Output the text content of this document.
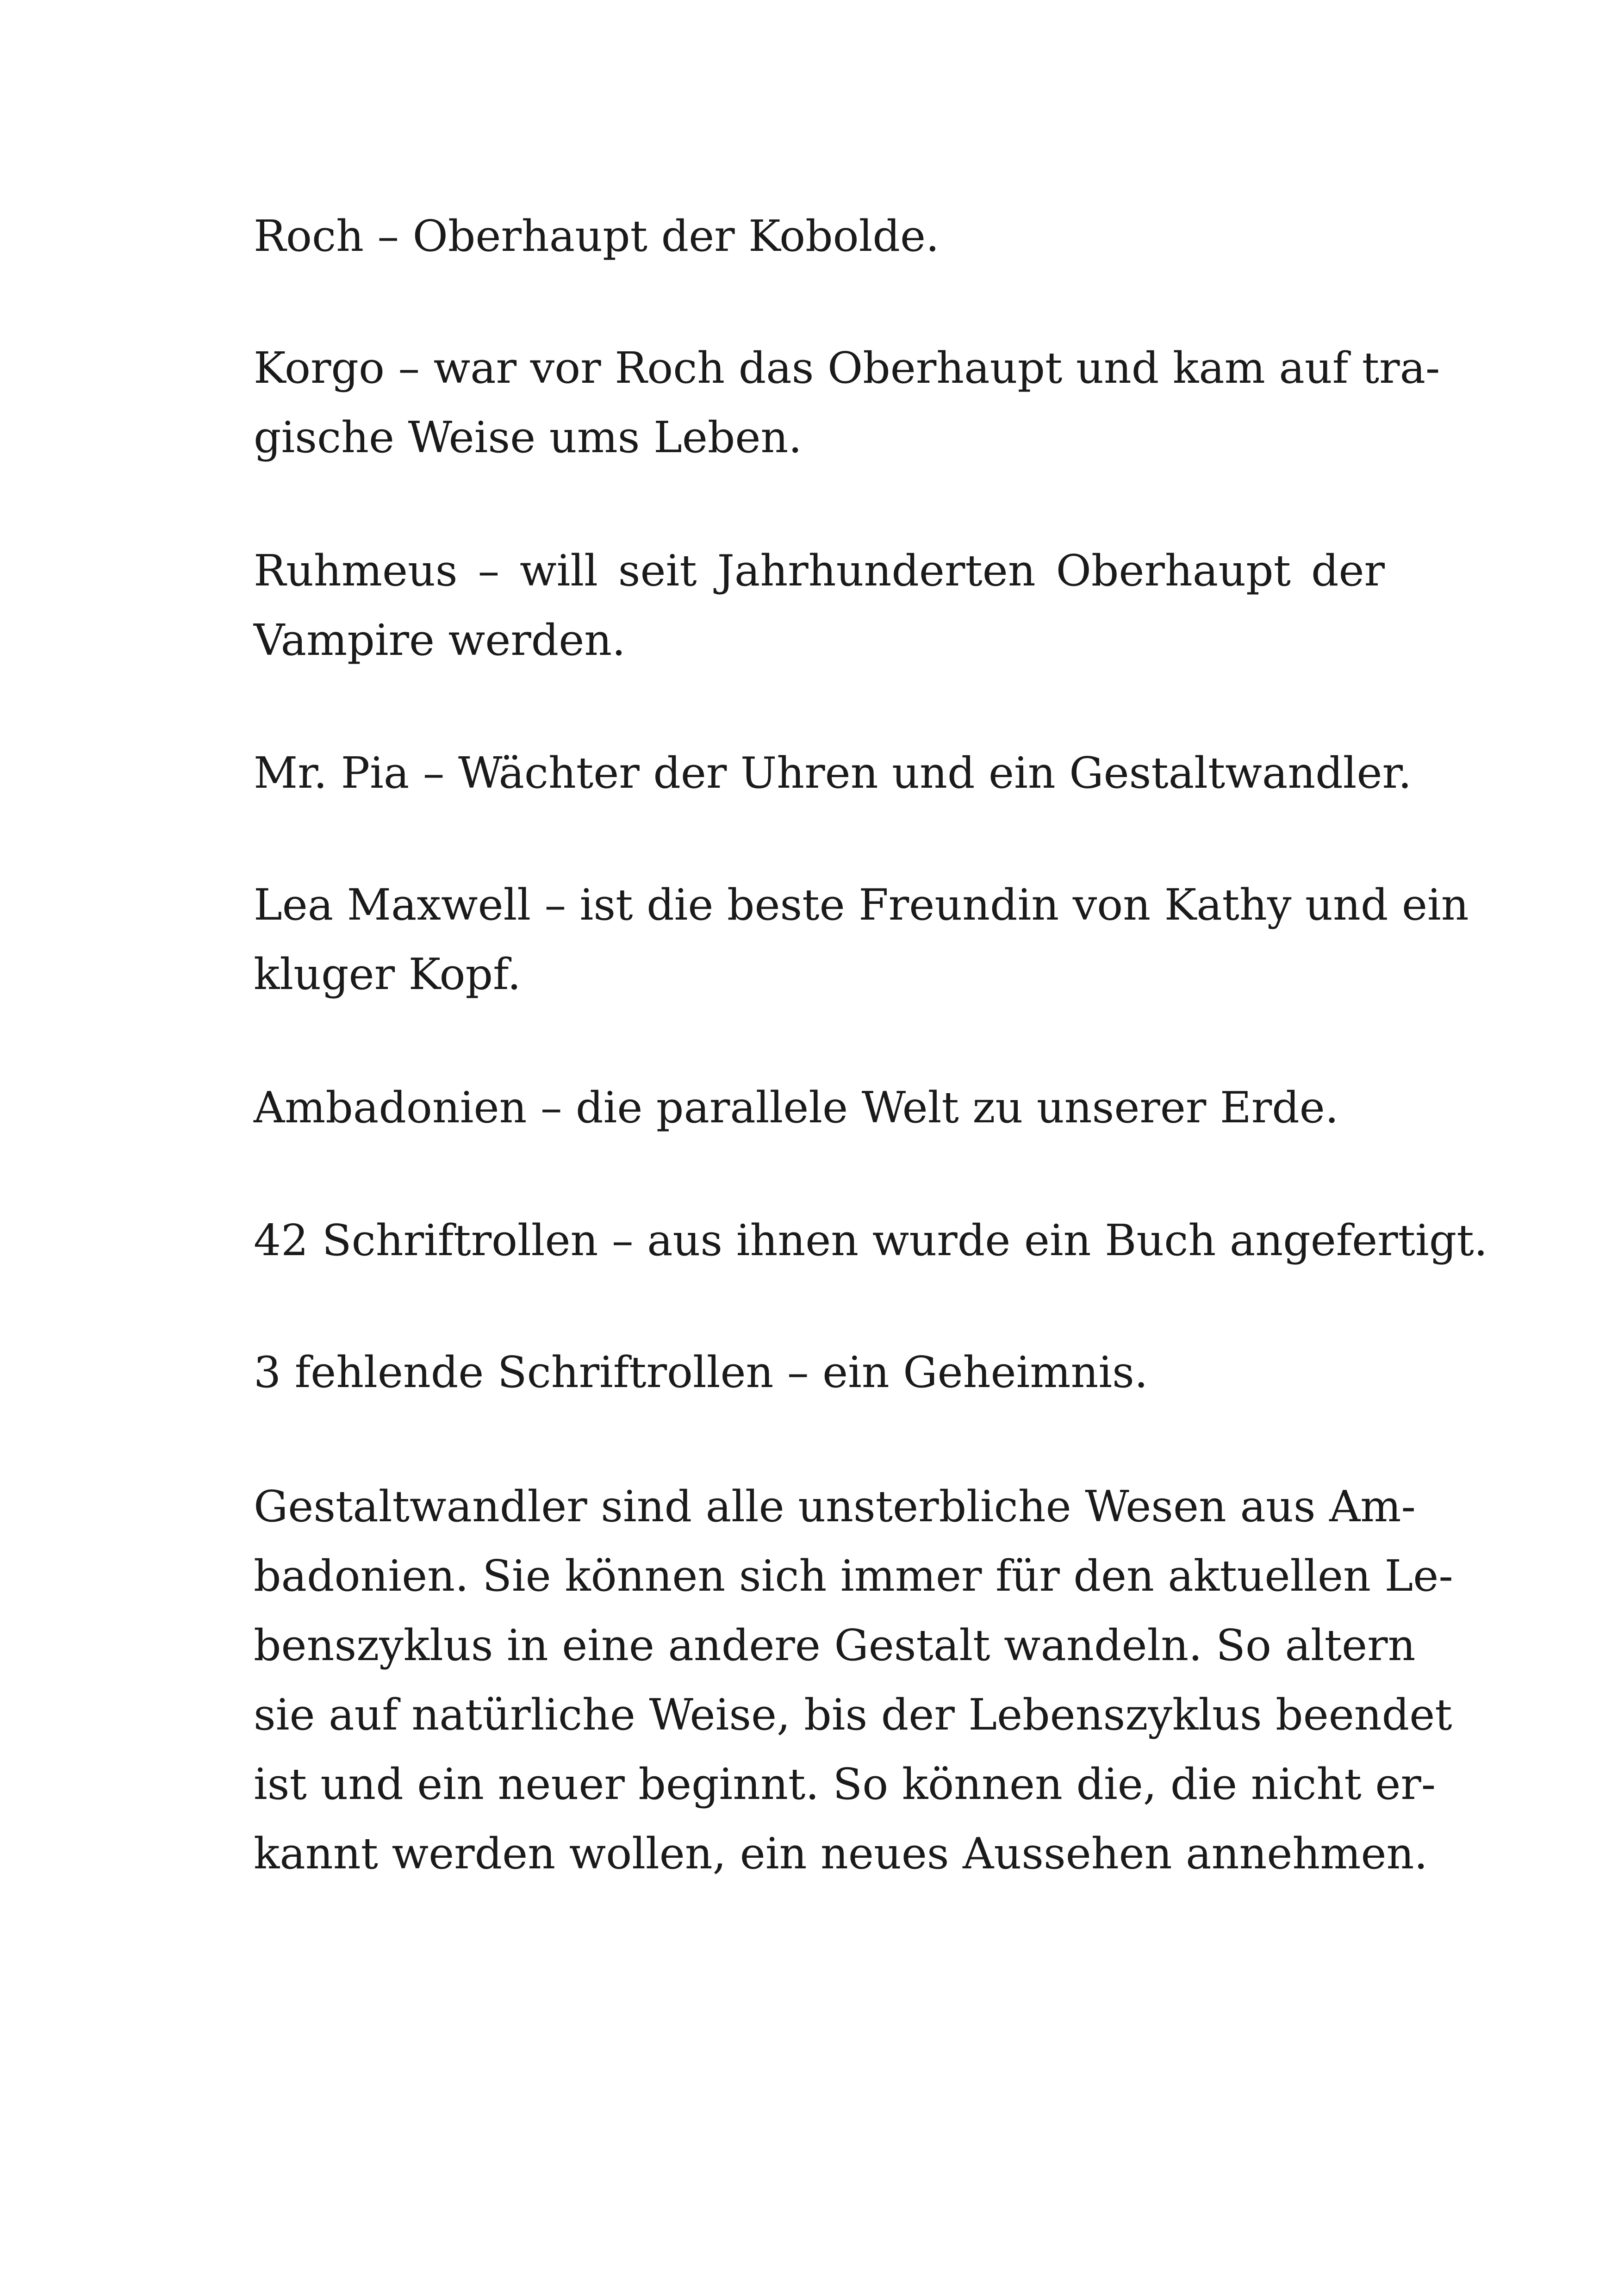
Roch – Oberhaupt der Kobolde.

Korgo – war vor Roch das Oberhaupt und kam auf tra-
gische Weise ums Leben.

Ruhmeus – will seit Jahrhunderten Oberhaupt der
Vampire werden.

Mr. Pia – Wächter der Uhren und ein Gestaltwandler.

Lea Maxwell – ist die beste Freundin von Kathy und ein
kluger Kopf.

Ambadonien – die parallele Welt zu unserer Erde.

42 Schriftrollen – aus ihnen wurde ein Buch angefertigt.

3 fehlende Schriftrollen – ein Geheimnis.

Gestaltwandler sind alle unsterbliche Wesen aus Am-
badonien. Sie können sich immer für den aktuellen Le-
benszyklus in eine andere Gestalt wandeln. So altern
sie auf natürliche Weise, bis der Lebenszyklus beendet
ist und ein neuer beginnt. So können die, die nicht er-
kannt werden wollen, ein neues Aussehen annehmen.
